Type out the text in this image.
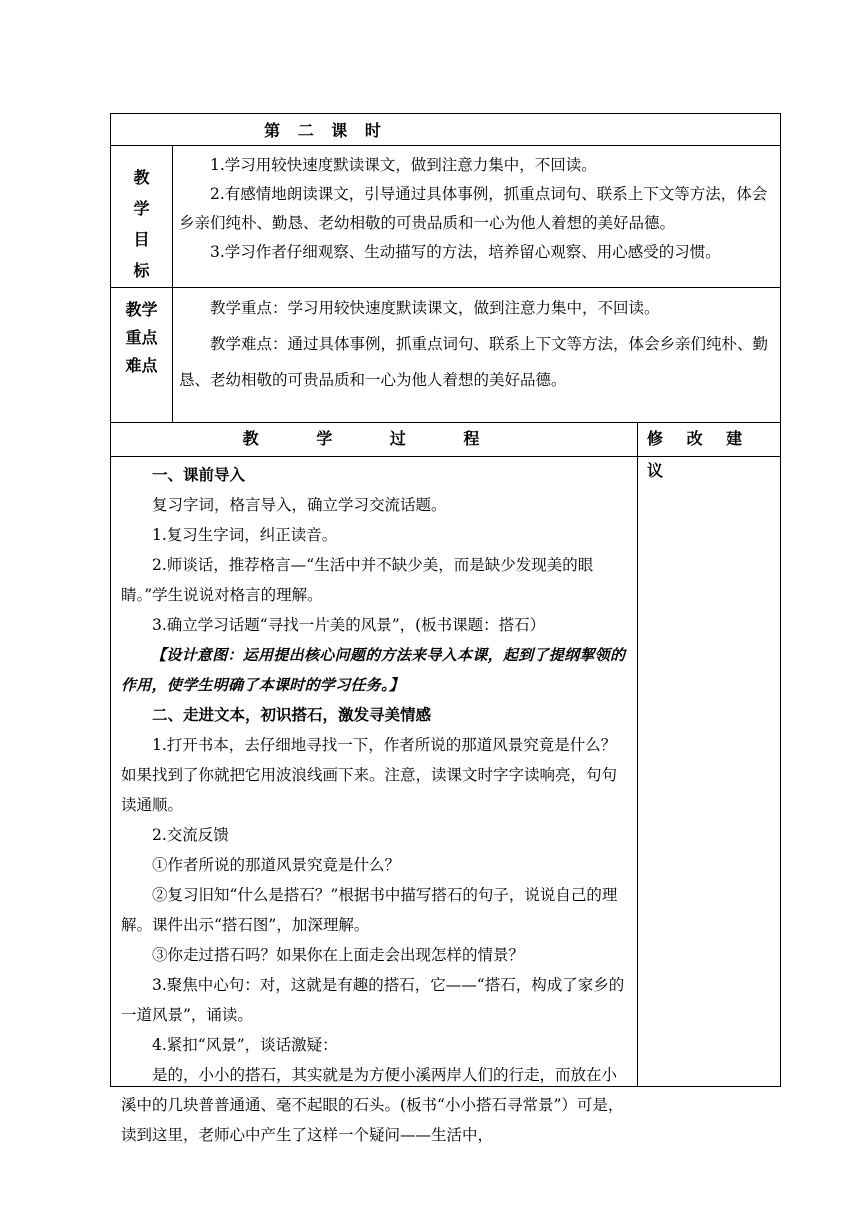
第 二 课 时
教
学
目
标

1.学习用较快速度默读课文，做到注意力集中，不回读。

2.有感情地朗读课文，引导通过具体事例，抓重点词句、联系上下文等方法，体会乡亲们纯朴、勤恳、老幼相敬的可贵品质和一心为他人着想的美好品德。

3.学习作者仔细观察、生动描写的方法，培养留心观察、用心感受的习惯。

教学
重点
难点

教学重点：学习用较快速度默读课文，做到注意力集中，不回读。

教学难点：通过具体事例，抓重点词句、联系上下文等方法，体会乡亲们纯朴、勤恳、老幼相敬的可贵品质和一心为他人着想的美好品德。

教 学 过 程	修 改 建 议

一、课前导入

复习字词，格言导入，确立学习交流话题。

1.复习生字词，纠正读音。

2.师谈话，推荐格言—“生活中并不缺少美，而是缺少发现美的眼睛。”学生说说对格言的理解。

3.确立学习话题“寻找一片美的风景”，(板书课题：搭石）

【设计意图：运用提出核心问题的方法来导入本课，起到了提纲挈领的作用，使学生明确了本课时的学习任务。】

二、走进文本，初识搭石，激发寻美情感

1.打开书本，去仔细地寻找一下，作者所说的那道风景究竟是什么？如果找到了你就把它用波浪线画下来。注意，读课文时字字读响亮，句句读通顺。

2.交流反馈

①作者所说的那道风景究竟是什么？

②复习旧知“什么是搭石？”根据书中描写搭石的句子，说说自己的理解。课件出示“搭石图”，加深理解。

③你走过搭石吗？如果你在上面走会出现怎样的情景？

3.聚焦中心句：对，这就是有趣的搭石，它——“搭石，构成了家乡的一道风景”，诵读。

4.紧扣“风景”，谈话激疑：

是的，小小的搭石，其实就是为方便小溪两岸人们的行走，而放在小溪中的几块普普通通、毫不起眼的石头。(板书“小小搭石寻常景”）可是，读到这里，老师心中产生了这样一个疑问——生活中，
